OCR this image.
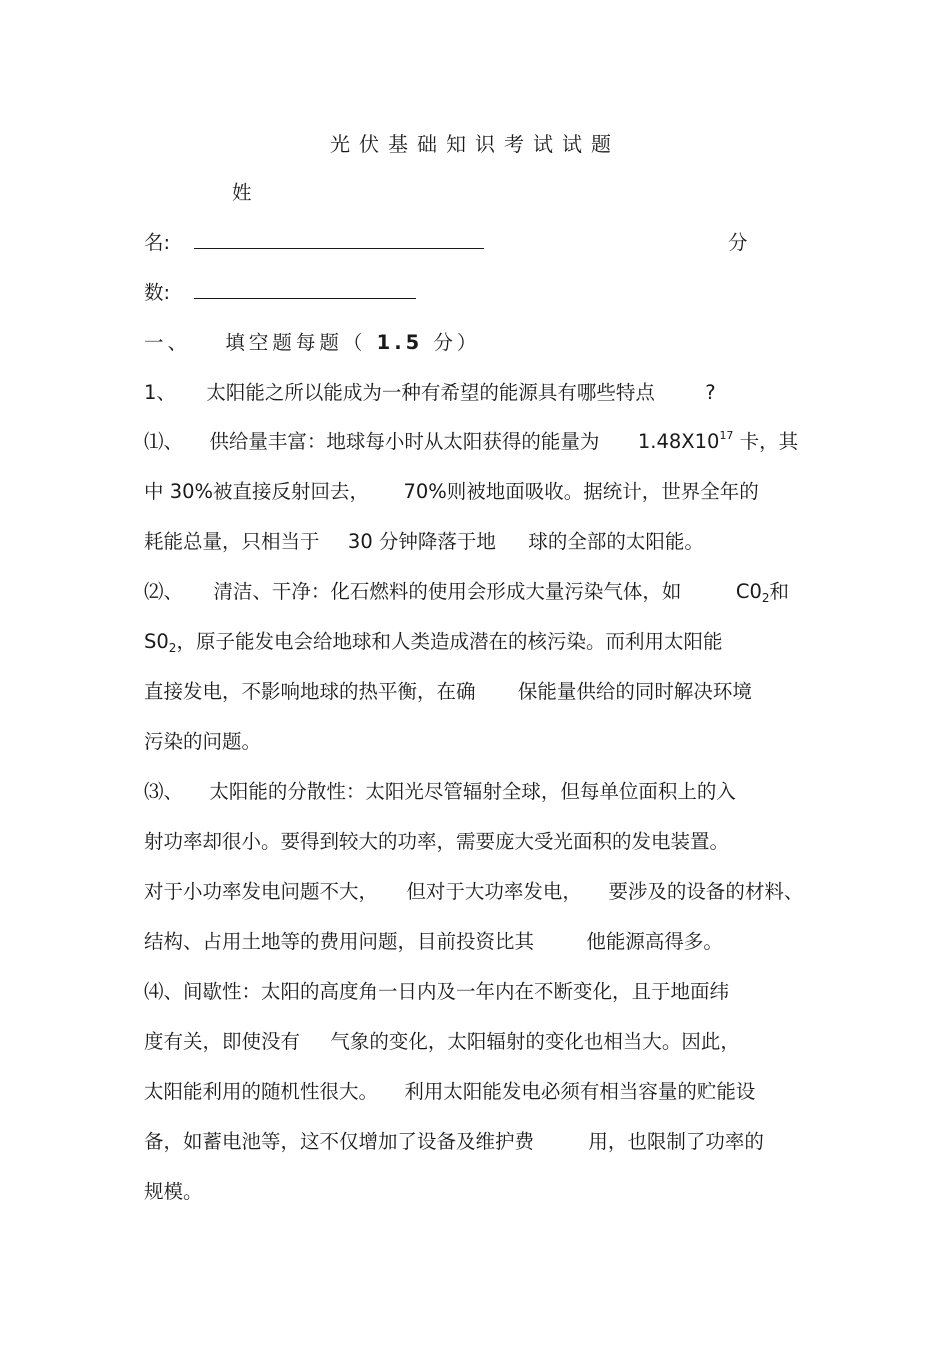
光伏基础知识考试试题
姓
名:	分
数:
一、 填空题每题（ 1.5 分）
1、 太阳能之所以能成为一种有希望的能源具有哪些特点	?
⑴、 供给量丰富：地球每小时从太阳获得的能量为 $1.48X10^{17}$ 卡，其
中 30%被直接反射回去， 70%则被地面吸收。据统计，世界全年的
耗能总量，只相当于 30 分钟降落于地 球的全部的太阳能。
⑵、 清洁、干净：化石燃料的使用会形成大量污染气体，如	$C0_2$和
$S0_2$，原子能发电会给地球和人类造成潜在的核污染。而利用太阳能
直接发电，不影响地球的热平衡，在确 保能量供给的同时解决环境
污染的问题。
⑶、 太阳能的分散性：太阳光尽管辐射全球，但每单位面积上的入
射功率却很小。要得到较大的功率，需要庞大受光面积的发电装置。
对于小功率发电问题不大， 但对于大功率发电， 要涉及的设备的材料、
结构、占用土地等的费用问题，目前投资比其	他能源高得多。
⑷、间歇性：太阳的高度角一日内及一年内在不断变化，且于地面纬
度有关，即使没有 气象的变化，太阳辐射的变化也相当大。因此，
太阳能利用的随机性很大。 利用太阳能发电必须有相当容量的贮能设
备，如蓄电池等，这不仅增加了设备及维护费	用，也限制了功率的
规模。
